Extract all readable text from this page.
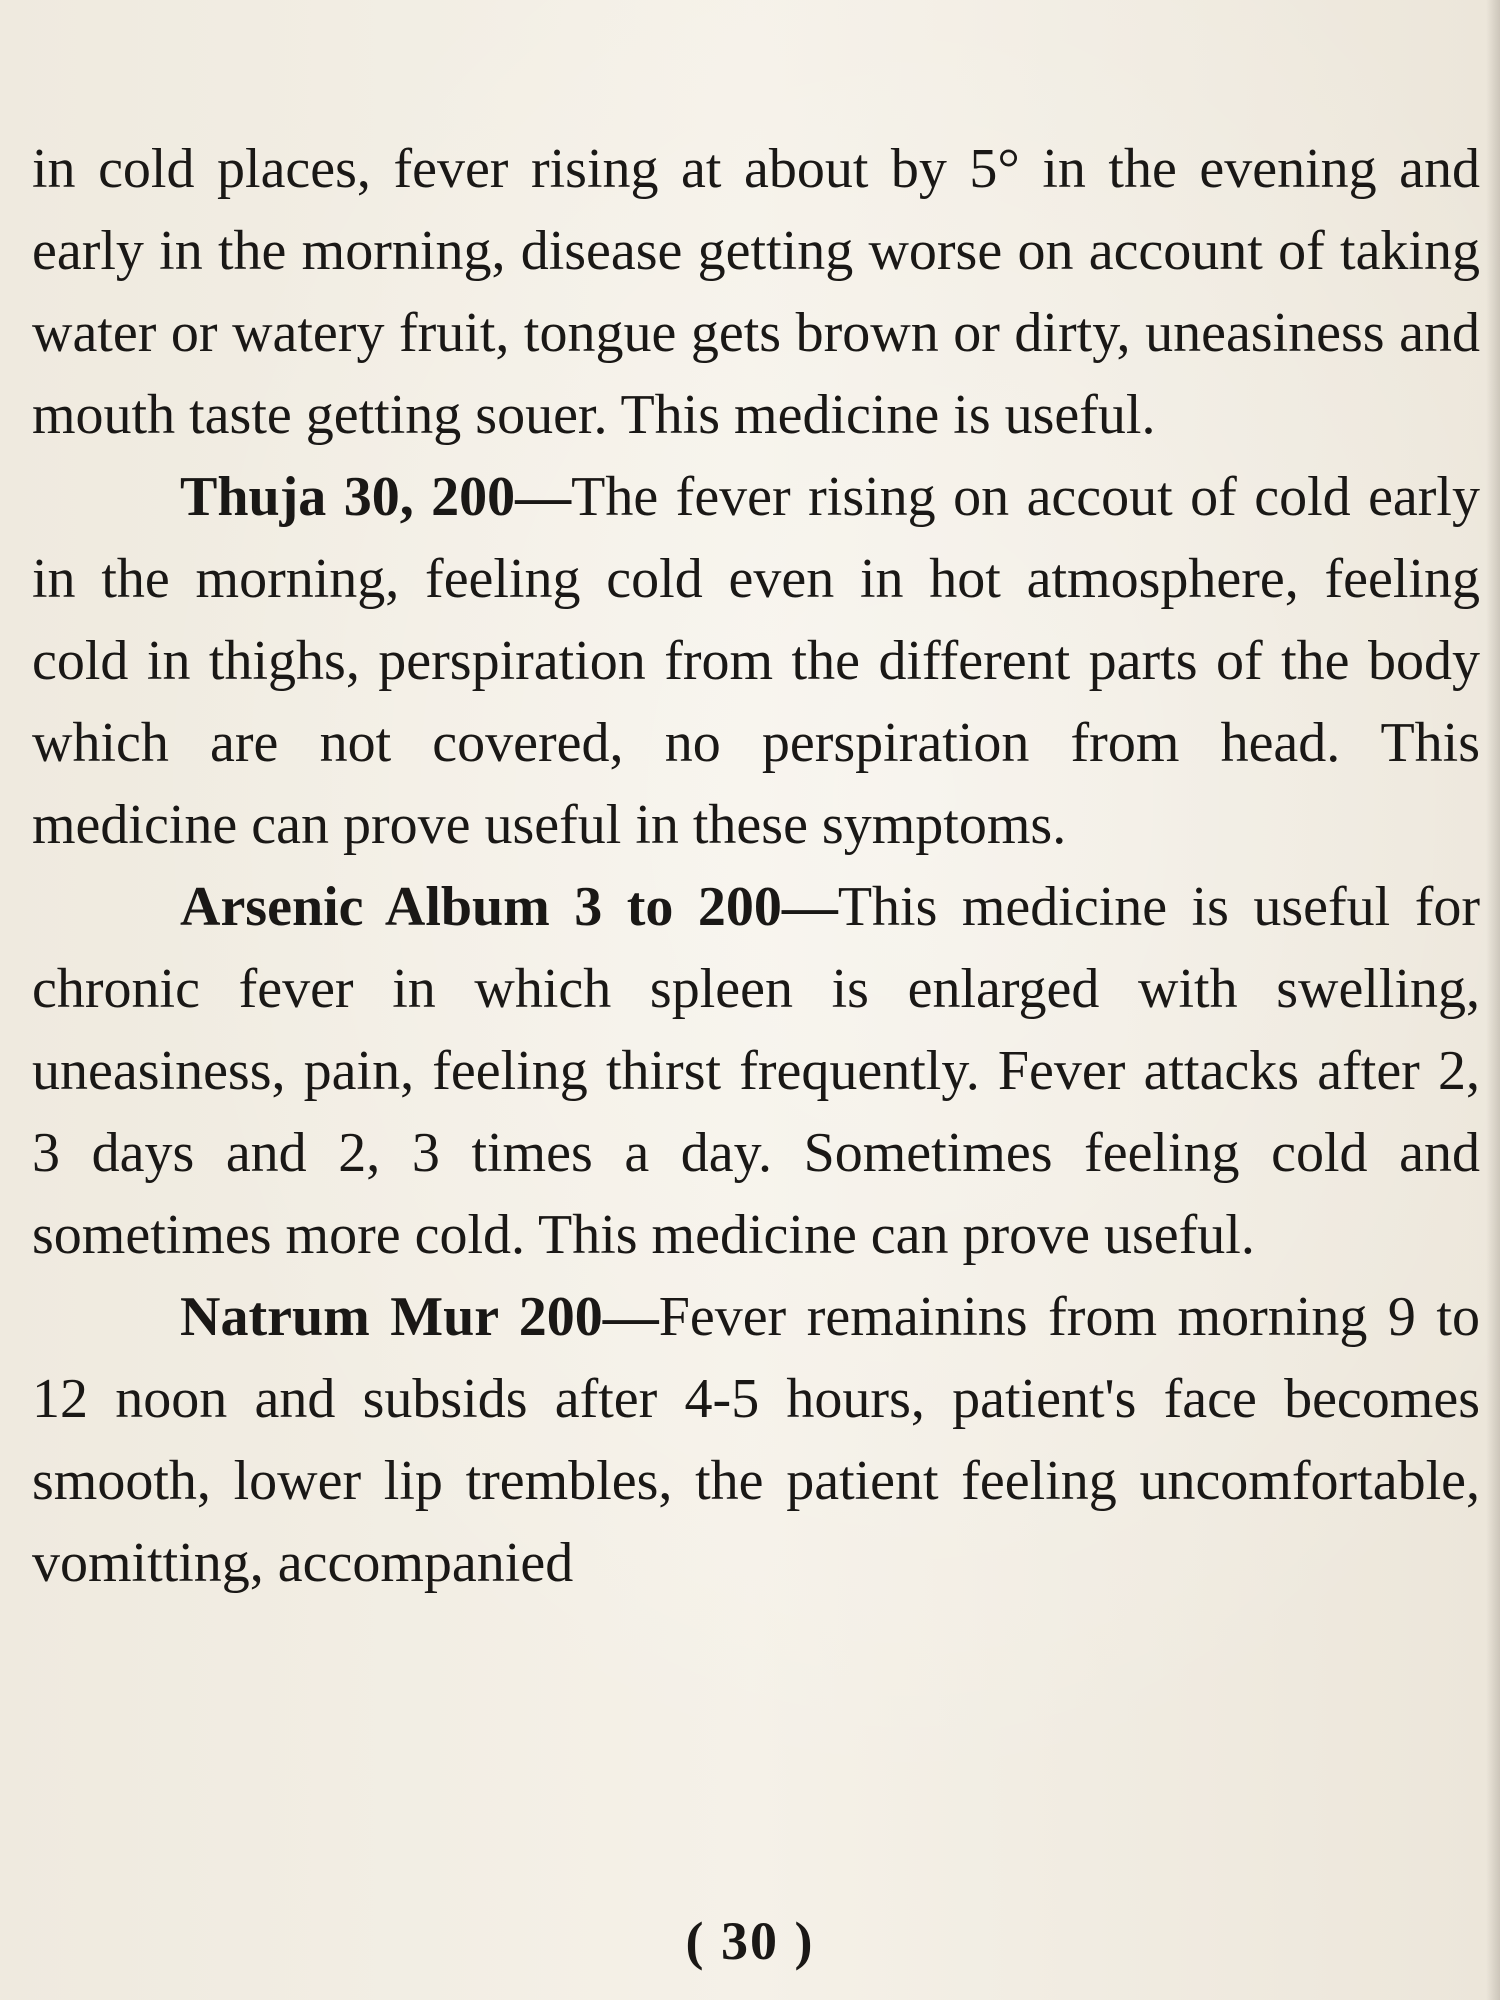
in cold places, fever rising at about by 5° in the evening and early in the morning, disease getting worse on account of taking water or watery fruit, tongue gets brown or dirty, uneasiness and mouth taste getting souer. This medicine is useful.

Thuja 30, 200—The fever rising on accout of cold early in the morning, feeling cold even in hot atmosphere, feeling cold in thighs, perspiration from the different parts of the body which are not covered, no perspiration from head. This medicine can prove useful in these symptoms.

Arsenic Album 3 to 200—This medicine is useful for chronic fever in which spleen is enlarged with swelling, uneasiness, pain, feeling thirst frequently. Fever attacks after 2, 3 days and 2, 3 times a day. Sometimes feeling cold and sometimes more cold. This medicine can prove useful.

Natrum Mur 200—Fever remainins from morning 9 to 12 noon and subsids after 4-5 hours, patient's face becomes smooth, lower lip trembles, the patient feeling uncomfortable, vomitting, accompanied

( 30 )
